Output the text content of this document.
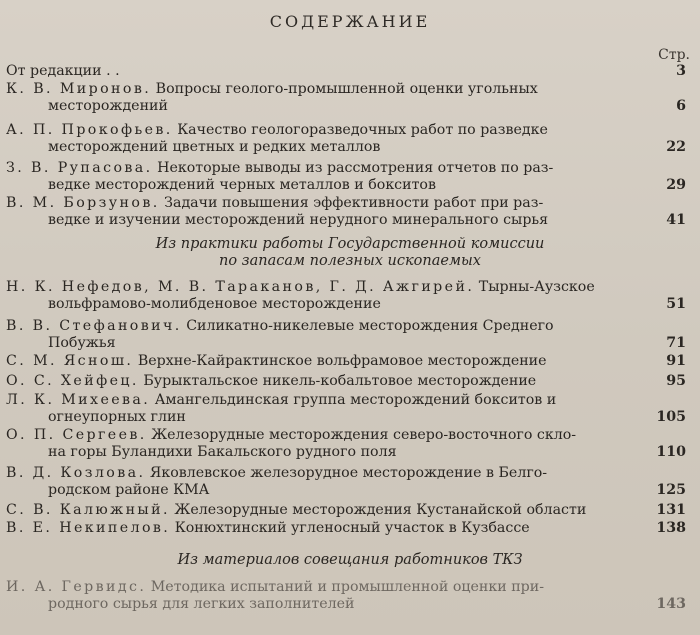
СОДЕРЖАНИЕ
Стр.
От редакции . .	3
К. В. Миронов. Вопросы геолого-промышленной оценки угольных
месторождений	6
А. П. Прокофьев. Качество геологоразведочных работ по разведке
месторождений цветных и редких металлов	22
З. В. Рупасова. Некоторые выводы из рассмотрения отчетов по раз-
ведке месторождений черных металлов и бокситов	29
В. М. Борзунов. Задачи повышения эффективности работ при раз-
ведке и изучении месторождений нерудного минерального сырья	41
Из практики работы Государственной комиссии
по запасам полезных ископаемых
Н. К. Нефедов, М. В. Тараканов, Г. Д. Ажгирей. Тырны-Аузское
вольфрамово-молибденовое месторождение	51
В. В. Стефанович. Силикатно-никелевые месторождения Среднего
Побужья	71
С. М. Яснош. Верхне-Кайрактинское вольфрамовое месторождение	91
О. С. Хейфец. Бурыктальское никель-кобальтовое месторождение	95
Л. К. Михеева. Амангельдинская группа месторождений бокситов и
огнеупорных глин	105
О. П. Сергеев. Железорудные месторождения северо-восточного скло-
на горы Буландихи Бакальского рудного поля	110
В. Д. Козлова. Яковлевское железорудное месторождение в Белго-
родском районе КМА	125
С. В. Калюжный. Железорудные месторождения Кустанайской области	131
В. Е. Некипелов. Конюхтинский угленосный участок в Кузбассе	138
Из материалов совещания работников ТКЗ
И. А. Гервидс. Методика испытаний и промышленной оценки при-
родного сырья для легких заполнителей	143
